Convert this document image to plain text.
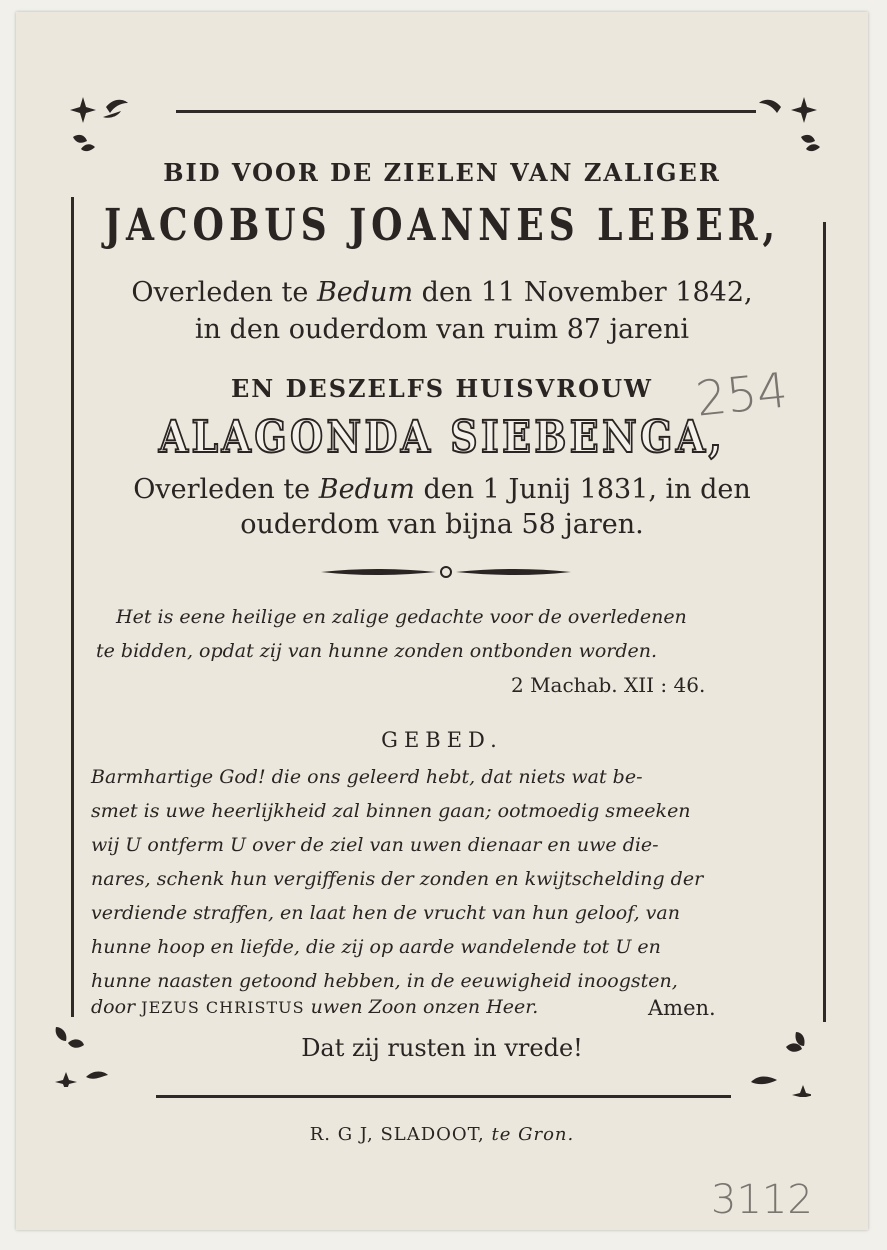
BID VOOR DE ZIELEN VAN ZALIGER
JACOBUS JOANNES LEBER,
Overleden te Bedum den 11 November 1842,
in den ouderdom van ruim 87 jareni
EN DESZELFS HUISVROUW
ALAGONDA SIEBENGA,
254
Overleden te Bedum den 1 Junij 1831, in den
ouderdom van bijna 58 jaren.
Het is eene heilige en zalige gedachte voor de overledenen
te bidden, opdat zij van hunne zonden ontbonden worden.
2 Machab. XII : 46.
GEBED.
Barmhartige God! die ons geleerd hebt, dat niets wat be-
smet is uwe heerlijkheid zal binnen gaan; ootmoedig smeeken
wij U ontferm U over de ziel van uwen dienaar en uwe die-
nares, schenk hun vergiffenis der zonden en kwijtschelding der
verdiende straffen, en laat hen de vrucht van hun geloof, van
hunne hoop en liefde, die zij op aarde wandelende tot U en
hunne naasten getoond hebben, in de eeuwigheid inoogsten,
door JEZUS CHRISTUS uwen Zoon onzen Heer.	Amen.
Dat zij rusten in vrede!
R. G J, SLADOOT, te Gron.
3112
